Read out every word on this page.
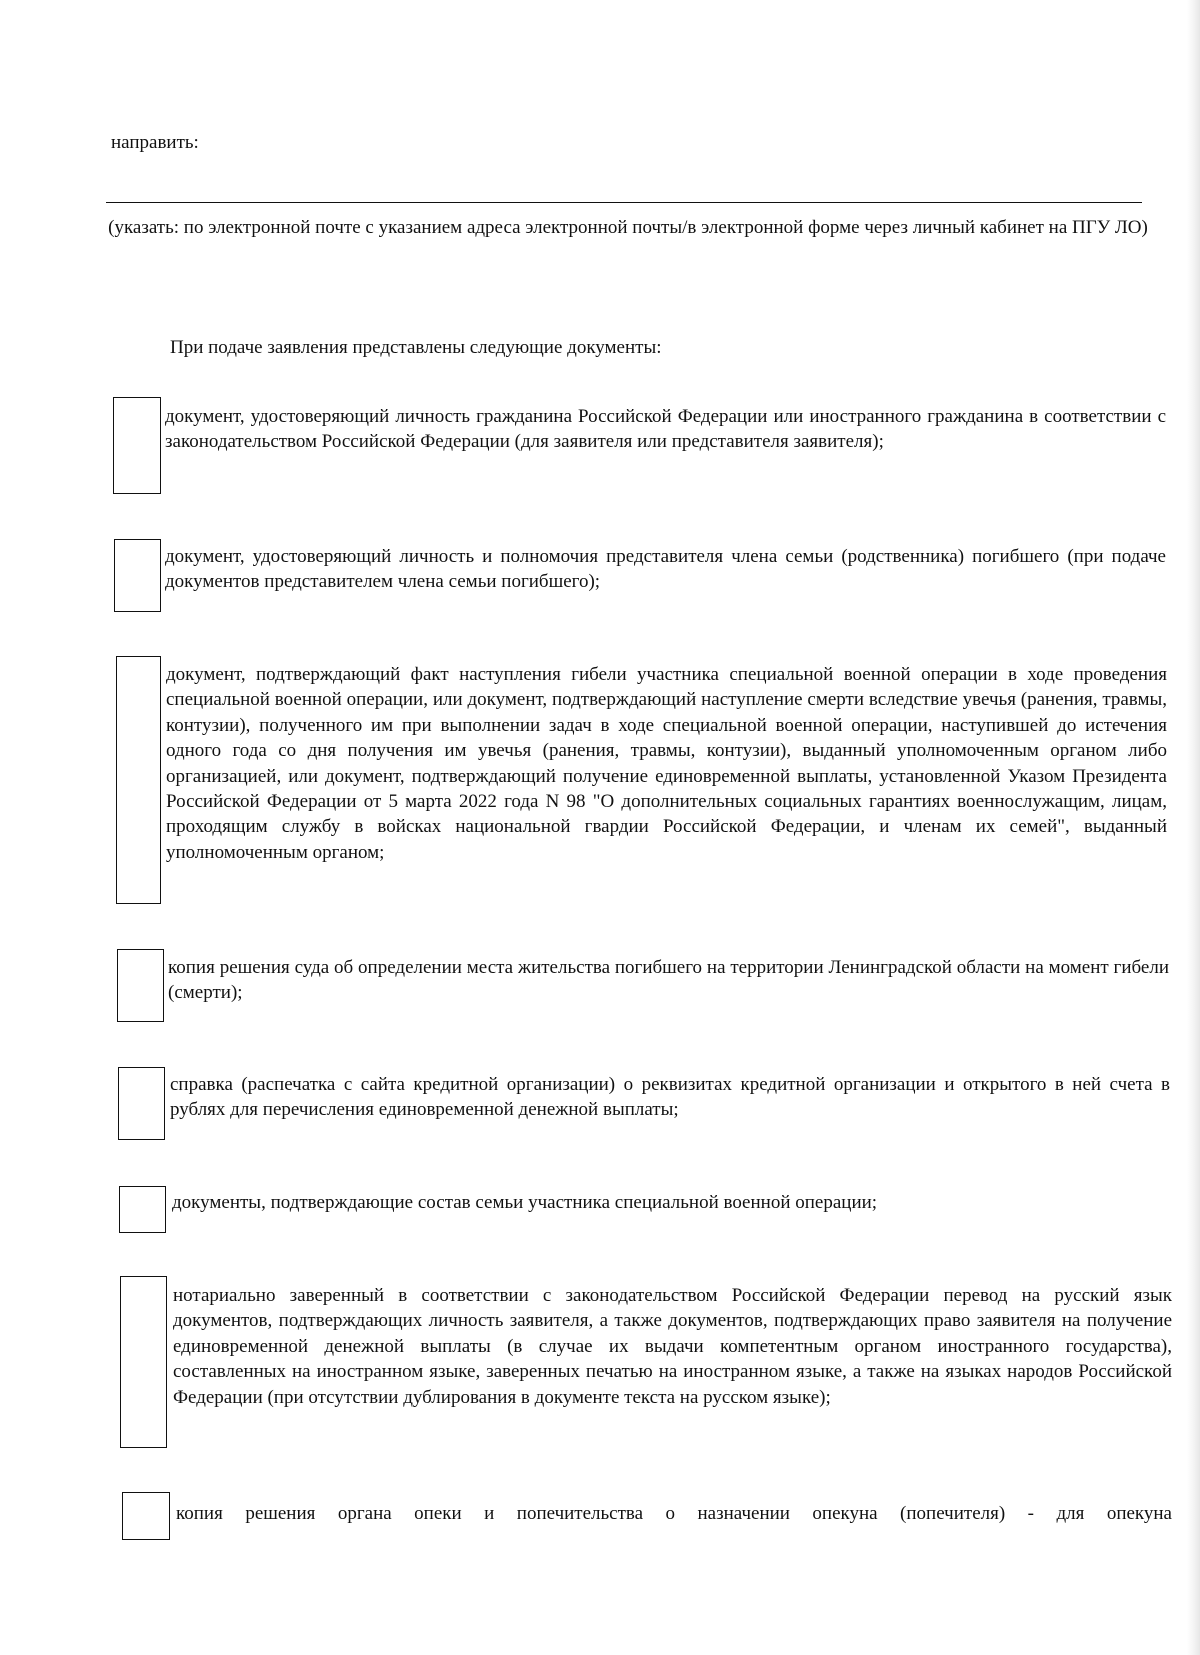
направить:
(указать: по электронной почте с указанием адреса электронной почты/в электронной форме через личный кабинет на ПГУ ЛО)
При подаче заявления представлены следующие документы:
документ, удостоверяющий личность гражданина Российской Федерации или иностранного гражданина в соответствии с законодательством Российской Федерации (для заявителя или представителя заявителя);
документ, удостоверяющий личность и полномочия представителя члена семьи (родственника) погибшего (при подаче документов представителем члена семьи погибшего);
документ, подтверждающий факт наступления гибели участника специальной военной операции в ходе проведения специальной военной операции, или документ, подтверждающий наступление смерти вследствие увечья (ранения, травмы, контузии), полученного им при выполнении задач в ходе специальной военной операции, наступившей до истечения одного года со дня получения им увечья (ранения, травмы, контузии), выданный уполномоченным органом либо организацией, или документ, подтверждающий получение единовременной выплаты, установленной Указом Президента Российской Федерации от 5 марта 2022 года N 98 "О дополнительных социальных гарантиях военнослужащим, лицам, проходящим службу в войсках национальной гвардии Российской Федерации, и членам их семей", выданный уполномоченным органом;
копия решения суда об определении места жительства погибшего на территории Ленинградской области на момент гибели (смерти);
справка (распечатка с сайта кредитной организации) о реквизитах кредитной организации и открытого в ней счета в рублях для перечисления единовременной денежной выплаты;
документы, подтверждающие состав семьи участника специальной военной операции;
нотариально заверенный в соответствии с законодательством Российской Федерации перевод на русский язык документов, подтверждающих личность заявителя, а также документов, подтверждающих право заявителя на получение единовременной денежной выплаты (в случае их выдачи компетентным органом иностранного государства), составленных на иностранном языке, заверенных печатью на иностранном языке, а также на языках народов Российской Федерации (при отсутствии дублирования в документе текста на русском языке);
копия решения органа опеки и попечительства о назначении опекуна (попечителя) - для опекуна
